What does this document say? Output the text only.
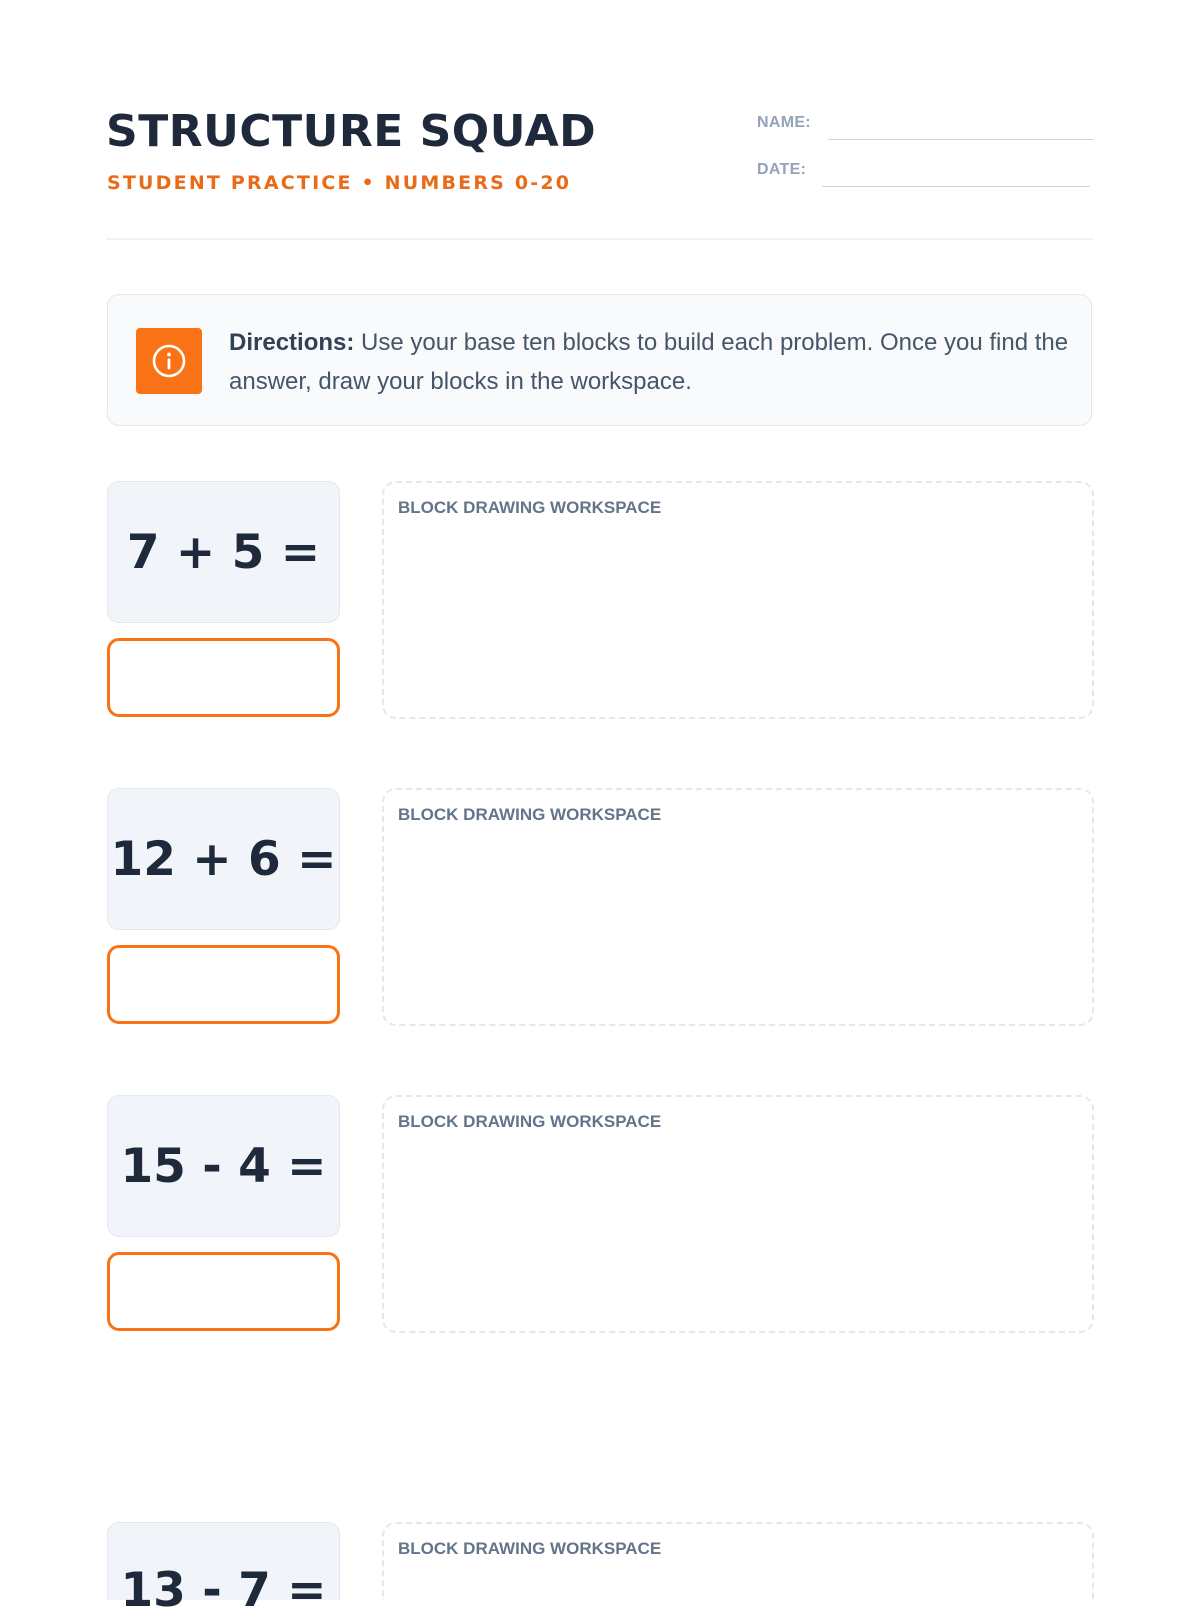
STRUCTURE SQUAD
STUDENT PRACTICE • NUMBERS 0-20
NAME:
DATE:

Directions: Use your base ten blocks to build each problem. Once you find the answer, draw your blocks in the workspace.

7 + 5 =
BLOCK DRAWING WORKSPACE
12 + 6 =
BLOCK DRAWING WORKSPACE
15 - 4 =
BLOCK DRAWING WORKSPACE
13 - 7 =
BLOCK DRAWING WORKSPACE
